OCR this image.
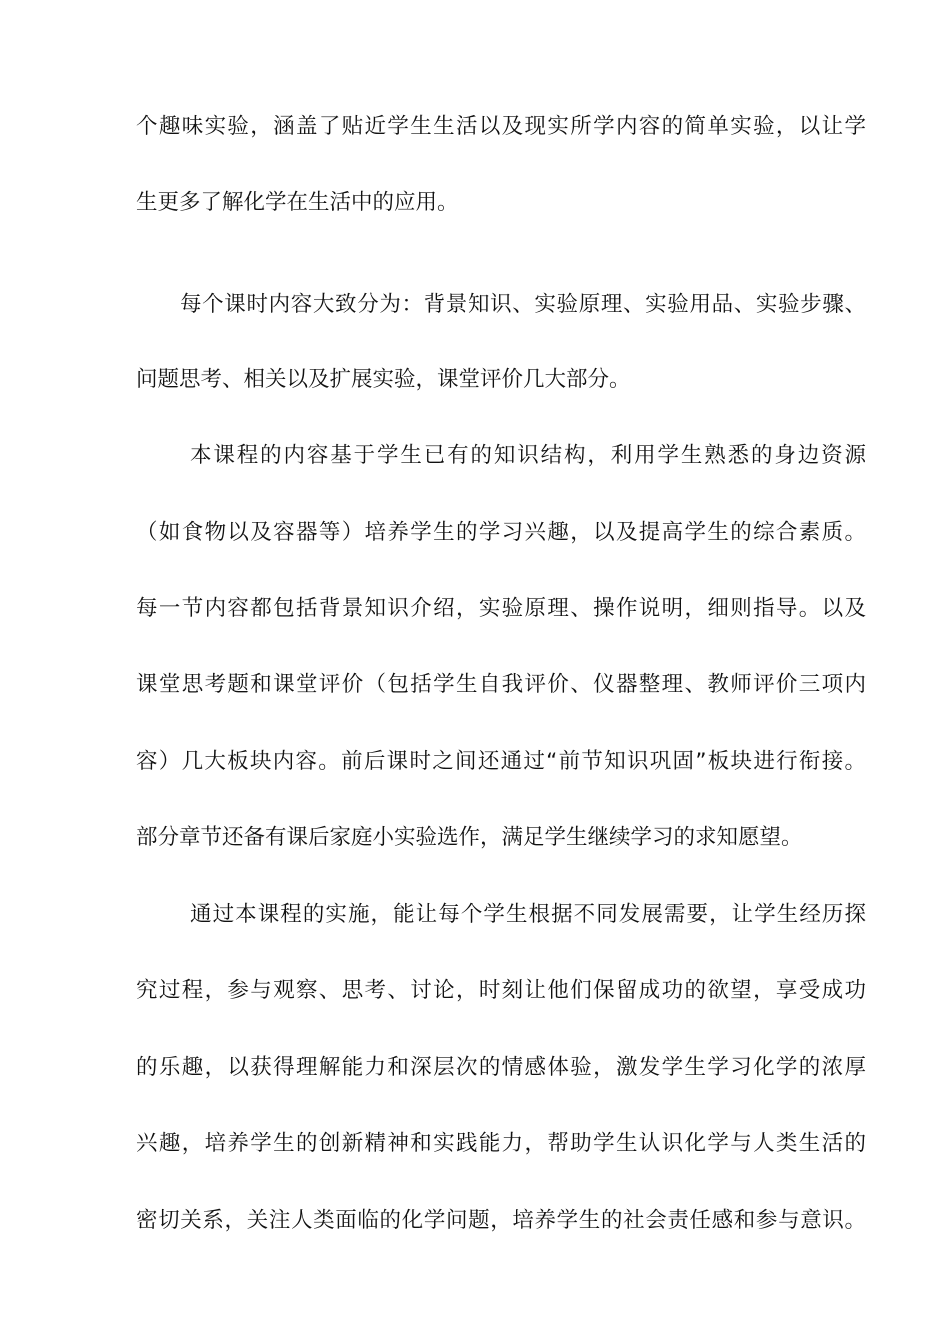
个趣味实验，涵盖了贴近学生生活以及现实所学内容的简单实验，以让学
生更多了解化学在生活中的应用。
每个课时内容大致分为：背景知识、实验原理、实验用品、实验步骤、
问题思考、相关以及扩展实验，课堂评价几大部分。
本课程的内容基于学生已有的知识结构，利用学生熟悉的身边资源
（如食物以及容器等）培养学生的学习兴趣，以及提高学生的综合素质。
每一节内容都包括背景知识介绍，实验原理、操作说明，细则指导。以及
课堂思考题和课堂评价（包括学生自我评价、仪器整理、教师评价三项内
容）几大板块内容。前后课时之间还通过“前节知识巩固”板块进行衔接。
部分章节还备有课后家庭小实验选作，满足学生继续学习的求知愿望。
通过本课程的实施，能让每个学生根据不同发展需要，让学生经历探
究过程，参与观察、思考、讨论，时刻让他们保留成功的欲望，享受成功
的乐趣，以获得理解能力和深层次的情感体验，激发学生学习化学的浓厚
兴趣，培养学生的创新精神和实践能力，帮助学生认识化学与人类生活的
密切关系，关注人类面临的化学问题，培养学生的社会责任感和参与意识。
